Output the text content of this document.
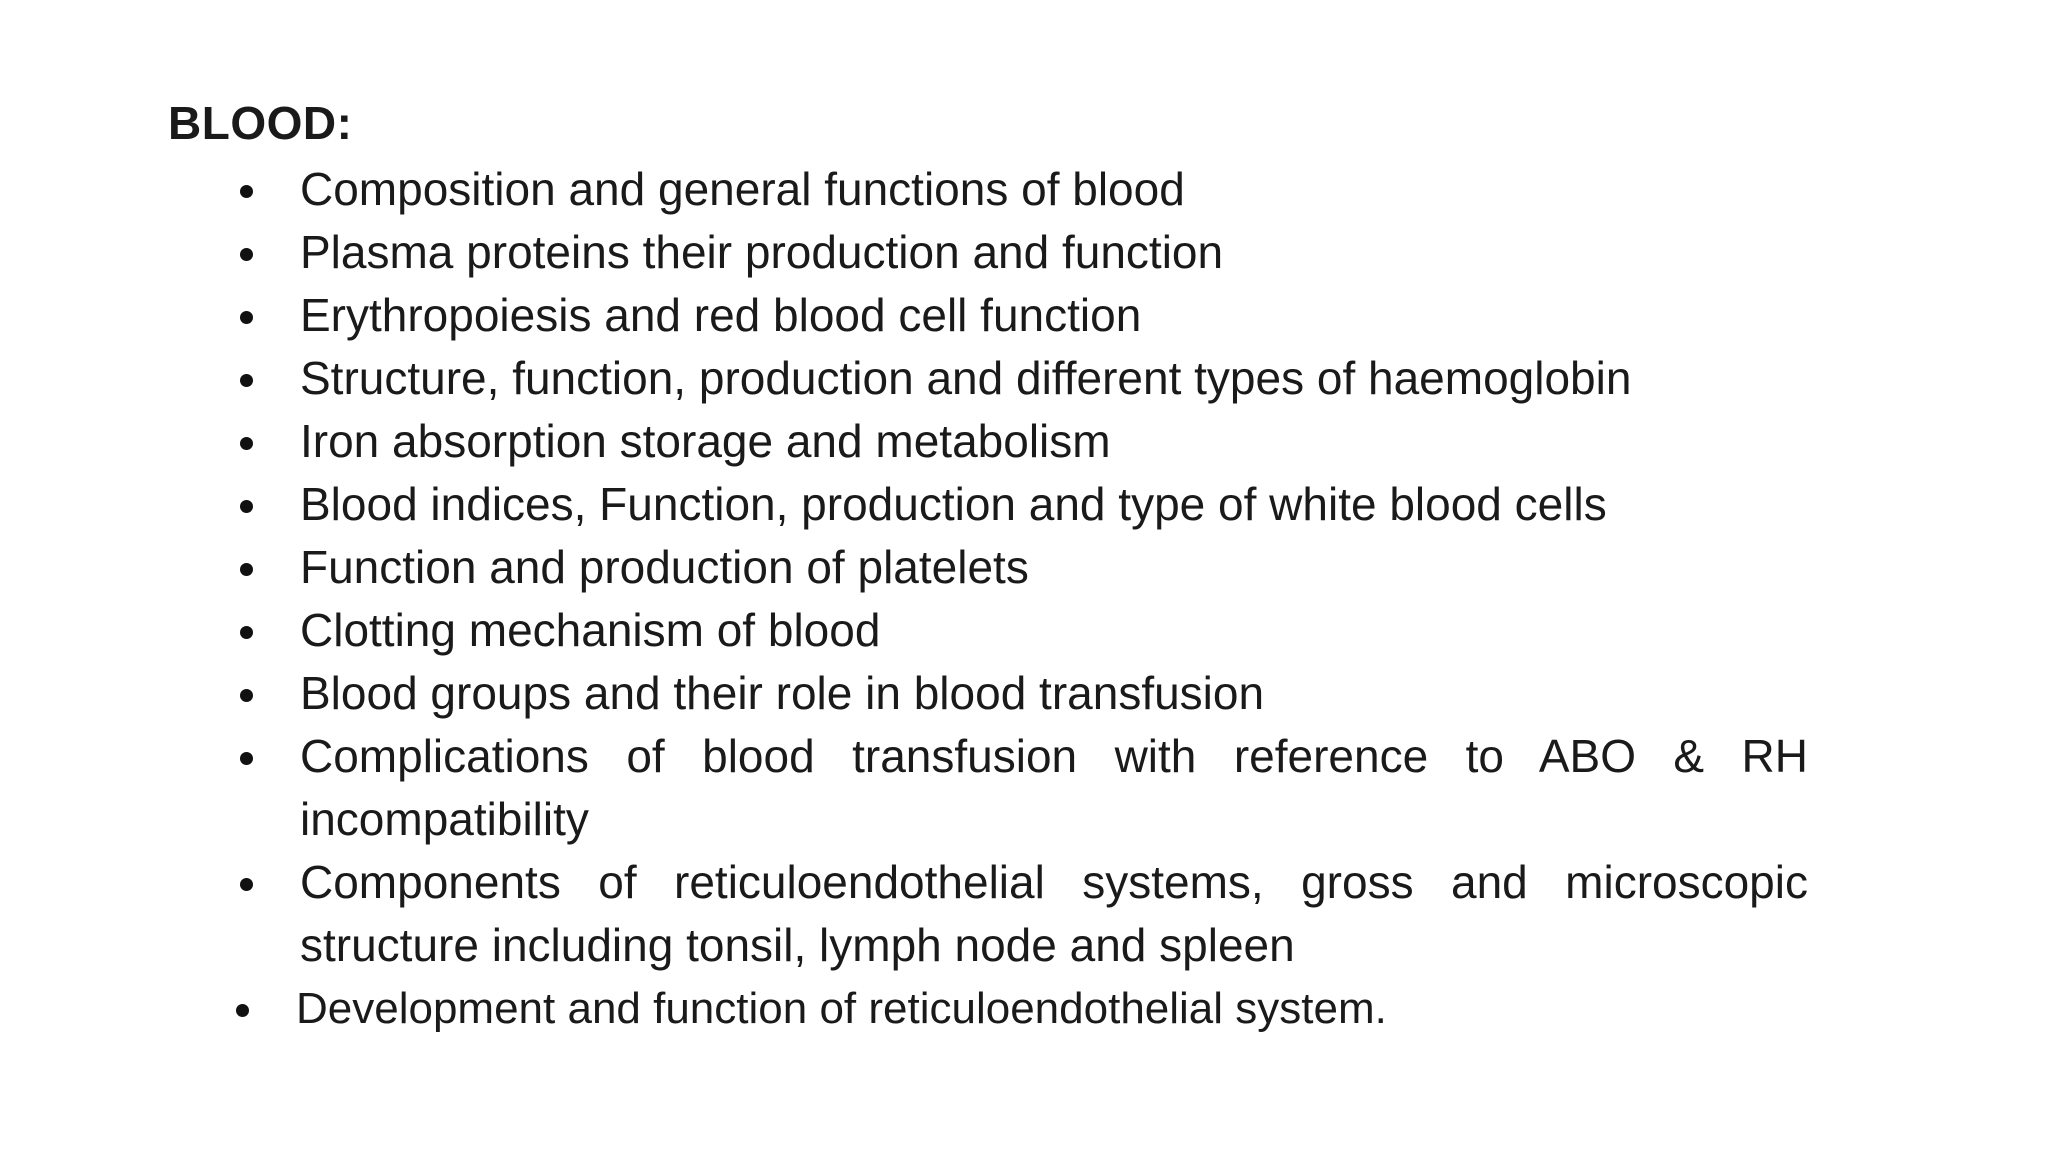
BLOOD:
Composition and general functions of blood
Plasma proteins their production and function
Erythropoiesis and red blood cell function
Structure, function, production and different types of haemoglobin
Iron absorption storage and metabolism
Blood indices, Function, production and type of white blood cells
Function and production of platelets
Clotting mechanism of blood
Blood groups and their role in blood transfusion
Complications of blood transfusion with reference to ABO & RH incompatibility
Components of reticuloendothelial systems, gross and microscopic structure including tonsil, lymph node and spleen
Development and function of reticuloendothelial system.
